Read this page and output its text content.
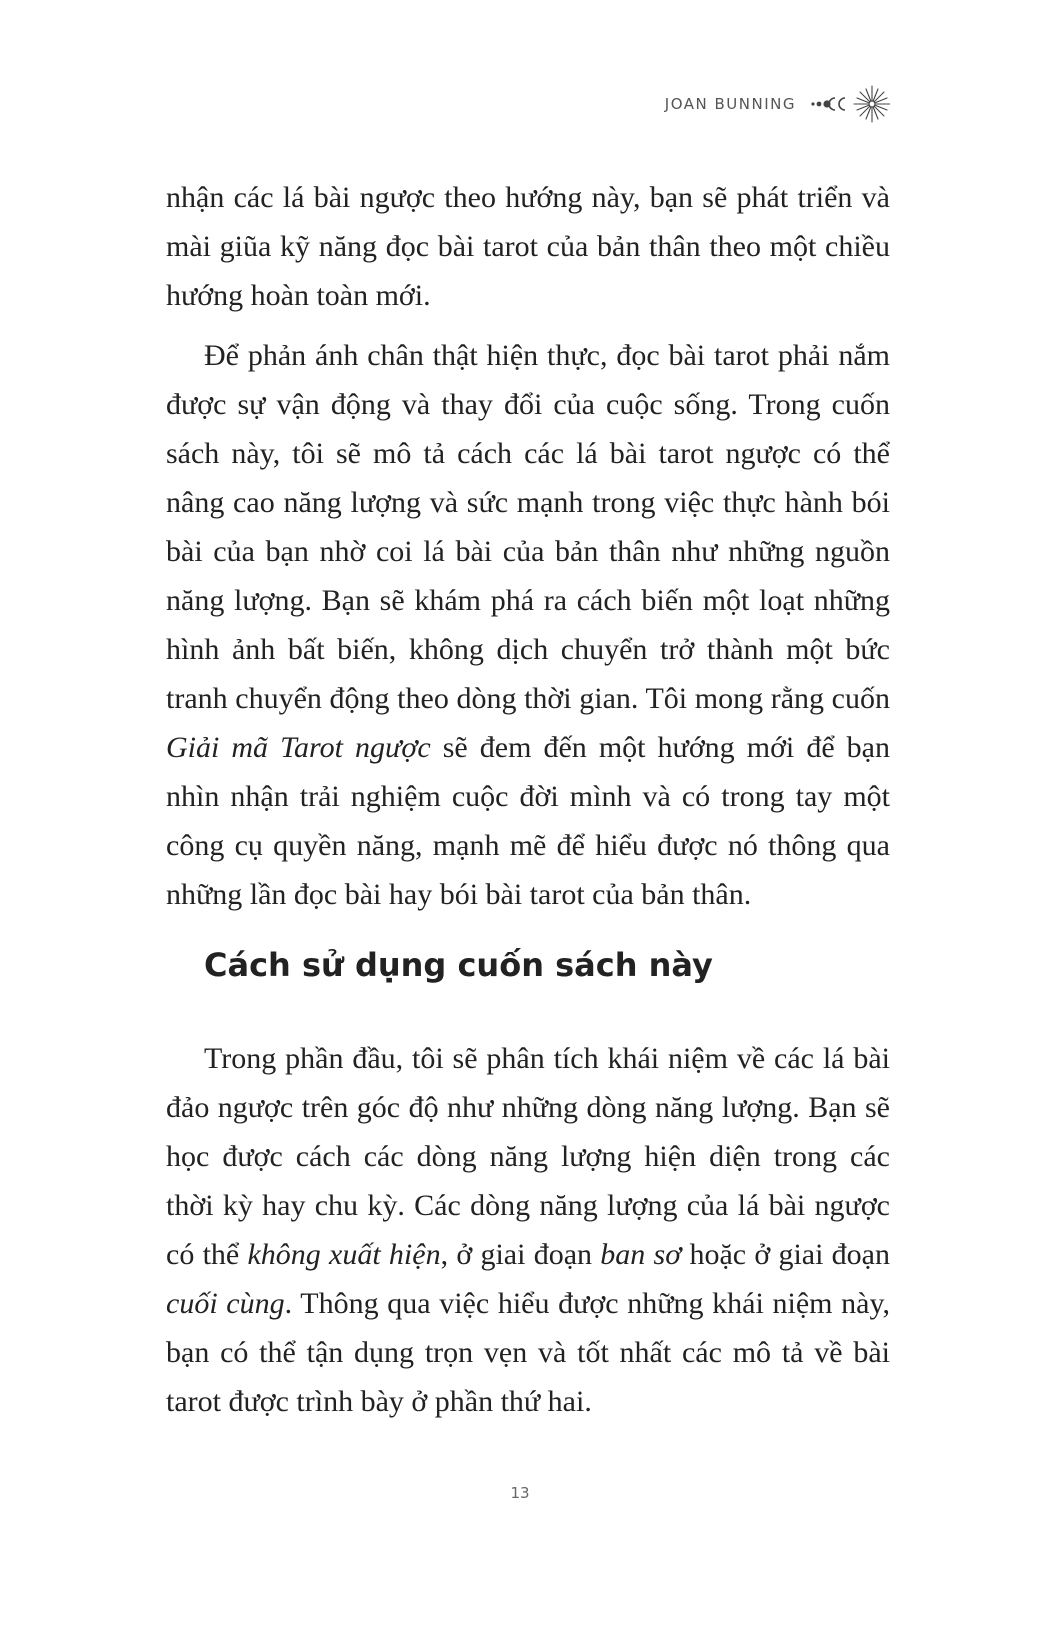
JOAN BUNNING

nhận các lá bài ngược theo hướng này, bạn sẽ phát triển và mài giũa kỹ năng đọc bài tarot của bản thân theo một chiều hướng hoàn toàn mới.

Để phản ánh chân thật hiện thực, đọc bài tarot phải nắm được sự vận động và thay đổi của cuộc sống. Trong cuốn sách này, tôi sẽ mô tả cách các lá bài tarot ngược có thể nâng cao năng lượng và sức mạnh trong việc thực hành bói bài của bạn nhờ coi lá bài của bản thân như những nguồn năng lượng. Bạn sẽ khám phá ra cách biến một loạt những hình ảnh bất biến, không dịch chuyển trở thành một bức tranh chuyển động theo dòng thời gian. Tôi mong rằng cuốn Giải mã Tarot ngược sẽ đem đến một hướng mới để bạn nhìn nhận trải nghiệm cuộc đời mình và có trong tay một công cụ quyền năng, mạnh mẽ để hiểu được nó thông qua những lần đọc bài hay bói bài tarot của bản thân.

Cách sử dụng cuốn sách này

Trong phần đầu, tôi sẽ phân tích khái niệm về các lá bài đảo ngược trên góc độ như những dòng năng lượng. Bạn sẽ học được cách các dòng năng lượng hiện diện trong các thời kỳ hay chu kỳ. Các dòng năng lượng của lá bài ngược có thể không xuất hiện, ở giai đoạn ban sơ hoặc ở giai đoạn cuối cùng. Thông qua việc hiểu được những khái niệm này, bạn có thể tận dụng trọn vẹn và tốt nhất các mô tả về bài tarot được trình bày ở phần thứ hai.

13
